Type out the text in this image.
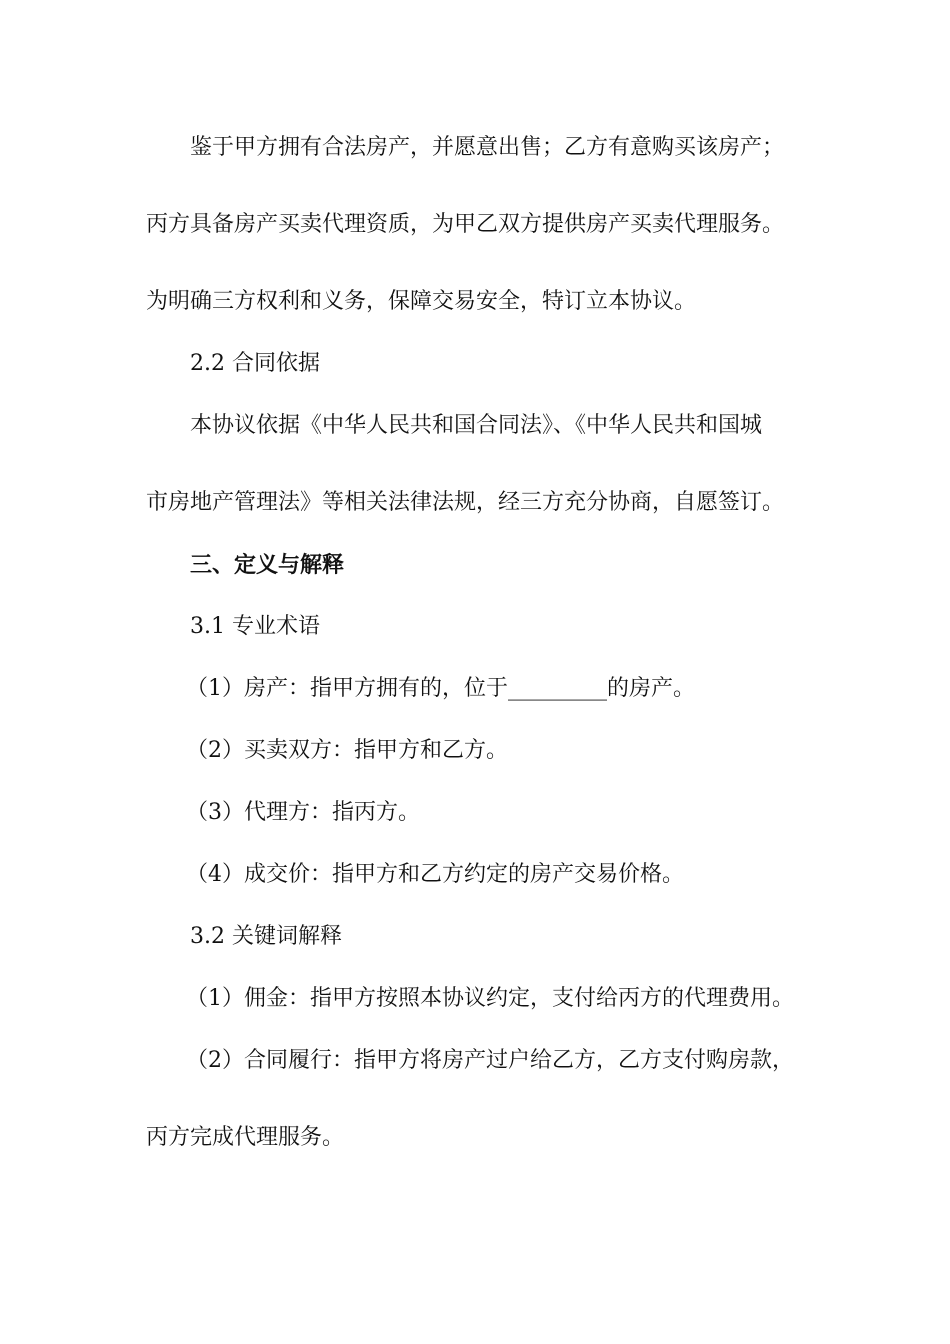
鉴于甲方拥有合法房产，并愿意出售；乙方有意购买该房产；
丙方具备房产买卖代理资质，为甲乙双方提供房产买卖代理服务。
为明确三方权利和义务，保障交易安全，特订立本协议。
2.2 合同依据
本协议依据《中华人民共和国合同法》、《中华人民共和国城
市房地产管理法》等相关法律法规，经三方充分协商，自愿签订。
三、定义与解释
3.1 专业术语
（1）房产：指甲方拥有的，位于_________的房产。
（2）买卖双方：指甲方和乙方。
（3）代理方：指丙方。
（4）成交价：指甲方和乙方约定的房产交易价格。
3.2 关键词解释
（1）佣金：指甲方按照本协议约定，支付给丙方的代理费用。
（2）合同履行：指甲方将房产过户给乙方，乙方支付购房款，
丙方完成代理服务。
